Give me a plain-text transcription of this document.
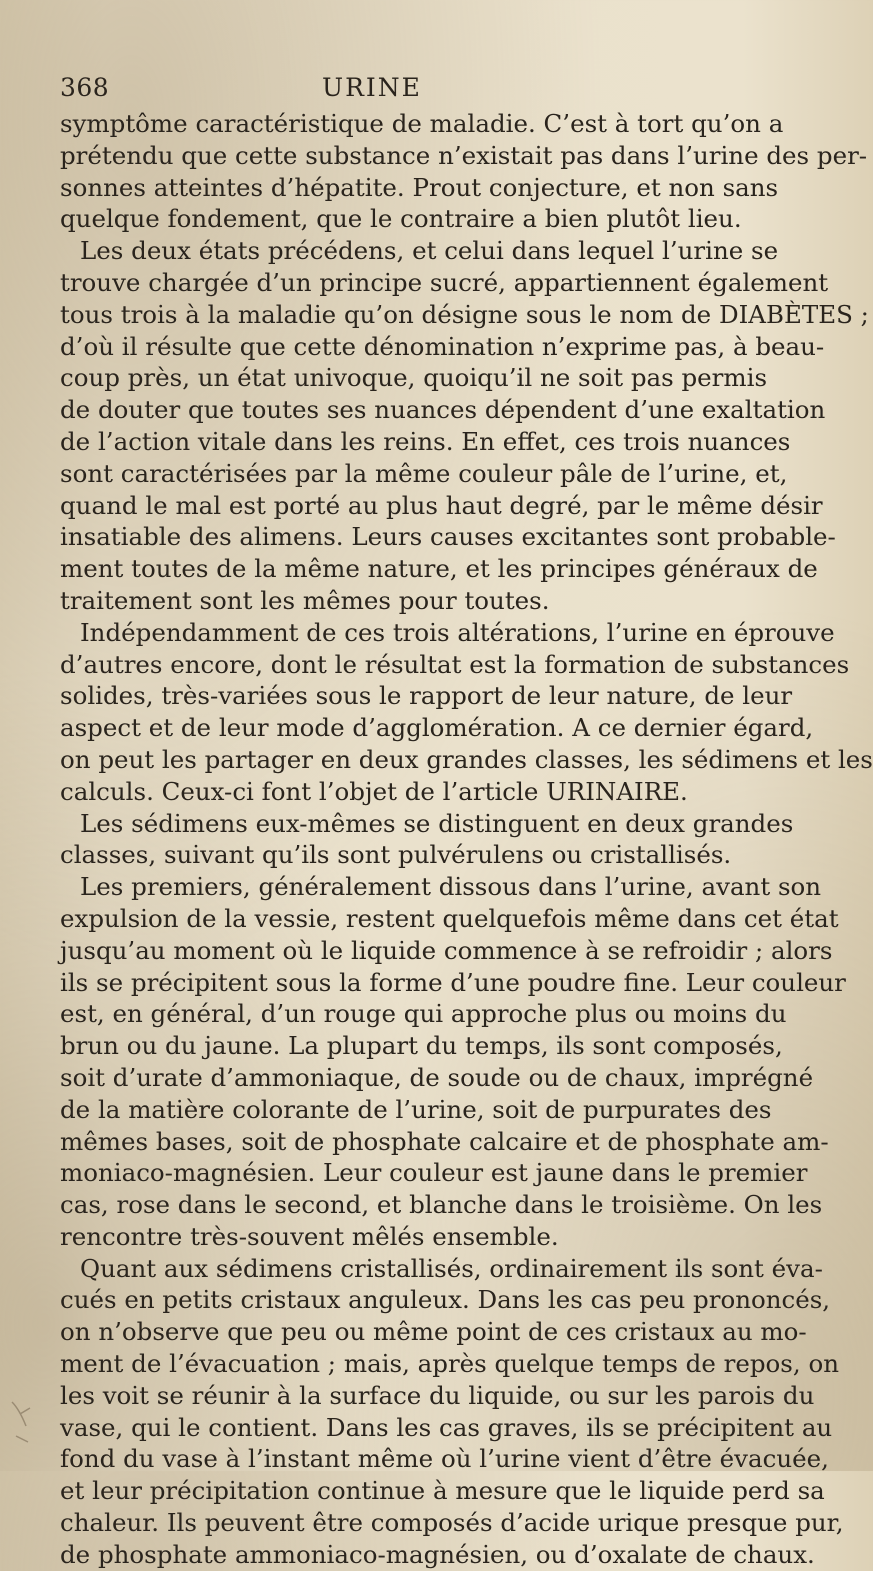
368	URINE
symptôme caractéristique de maladie. C’est à tort qu’on a
prétendu que cette substance n’existait pas dans l’urine des per-
sonnes atteintes d’hépatite. Prout conjecture, et non sans
quelque fondement, que le contraire a bien plutôt lieu.
Les deux états précédens, et celui dans lequel l’urine se
trouve chargée d’un principe sucré, appartiennent également
tous trois à la maladie qu’on désigne sous le nom de DIABÈTES ;
d’où il résulte que cette dénomination n’exprime pas, à beau-
coup près, un état univoque, quoiqu’il ne soit pas permis
de douter que toutes ses nuances dépendent d’une exaltation
de l’action vitale dans les reins. En effet, ces trois nuances
sont caractérisées par la même couleur pâle de l’urine, et,
quand le mal est porté au plus haut degré, par le même désir
insatiable des alimens. Leurs causes excitantes sont probable-
ment toutes de la même nature, et les principes généraux de
traitement sont les mêmes pour toutes.
Indépendamment de ces trois altérations, l’urine en éprouve
d’autres encore, dont le résultat est la formation de substances
solides, très-variées sous le rapport de leur nature, de leur
aspect et de leur mode d’agglomération. A ce dernier égard,
on peut les partager en deux grandes classes, les sédimens et les
calculs. Ceux-ci font l’objet de l’article URINAIRE.
Les sédimens eux-mêmes se distinguent en deux grandes
classes, suivant qu’ils sont pulvérulens ou cristallisés.
Les premiers, généralement dissous dans l’urine, avant son
expulsion de la vessie, restent quelquefois même dans cet état
jusqu’au moment où le liquide commence à se refroidir ; alors
ils se précipitent sous la forme d’une poudre fine. Leur couleur
est, en général, d’un rouge qui approche plus ou moins du
brun ou du jaune. La plupart du temps, ils sont composés,
soit d’urate d’ammoniaque, de soude ou de chaux, imprégné
de la matière colorante de l’urine, soit de purpurates des
mêmes bases, soit de phosphate calcaire et de phosphate am-
moniaco-magnésien. Leur couleur est jaune dans le premier
cas, rose dans le second, et blanche dans le troisième. On les
rencontre très-souvent mêlés ensemble.
Quant aux sédimens cristallisés, ordinairement ils sont éva-
cués en petits cristaux anguleux. Dans les cas peu prononcés,
on n’observe que peu ou même point de ces cristaux au mo-
ment de l’évacuation ; mais, après quelque temps de repos, on
les voit se réunir à la surface du liquide, ou sur les parois du
vase, qui le contient. Dans les cas graves, ils se précipitent au
fond du vase à l’instant même où l’urine vient d’être évacuée,
et leur précipitation continue à mesure que le liquide perd sa
chaleur. Ils peuvent être composés d’acide urique presque pur,
de phosphate ammoniaco-magnésien, ou d’oxalate de chaux.
